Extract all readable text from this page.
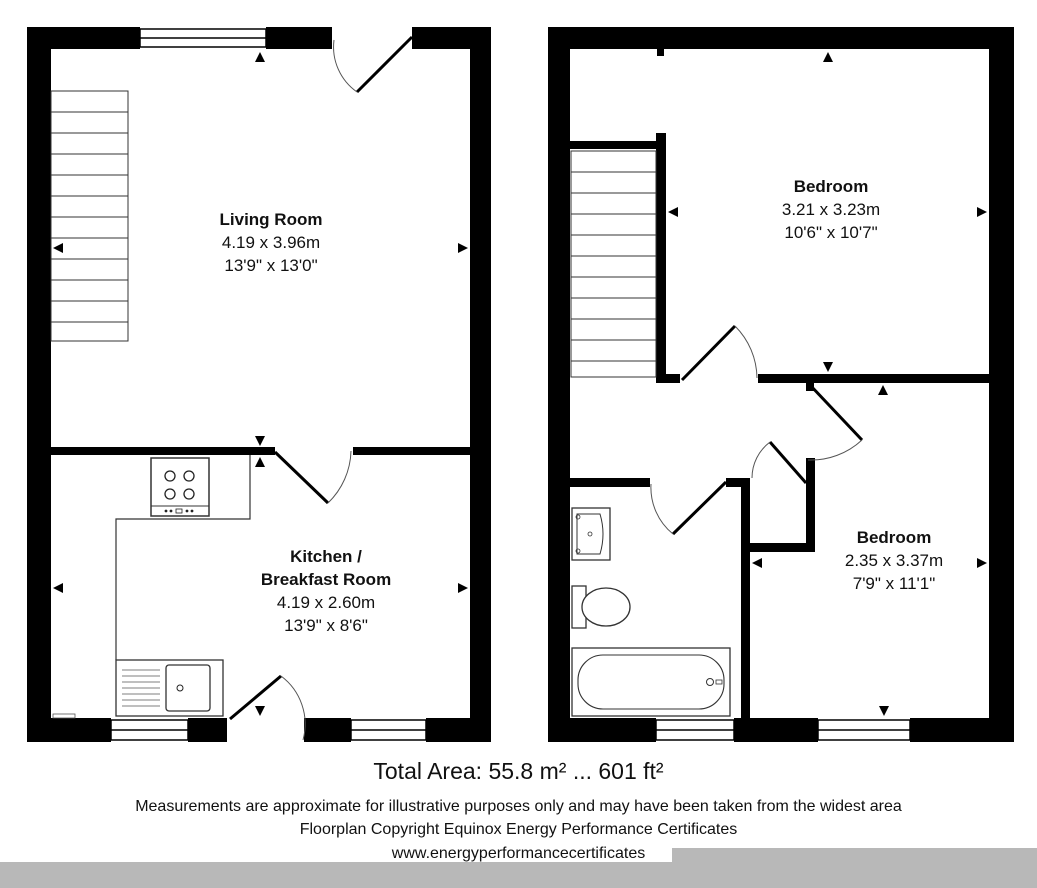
Living Room
4.19 x 3.96m
13'9" x 13'0"
Kitchen /
Breakfast Room
4.19 x 2.60m
13'9" x 8'6"
Bedroom
3.21 x 3.23m
10'6" x 10'7"
Bedroom
2.35 x 3.37m
7'9" x 11'1"
Total Area: 55.8 m² ... 601 ft²
Measurements are approximate for illustrative purposes only and may have been taken from the widest area
Floorplan Copyright Equinox Energy Performance Certificates
www.energyperformancecertificates
